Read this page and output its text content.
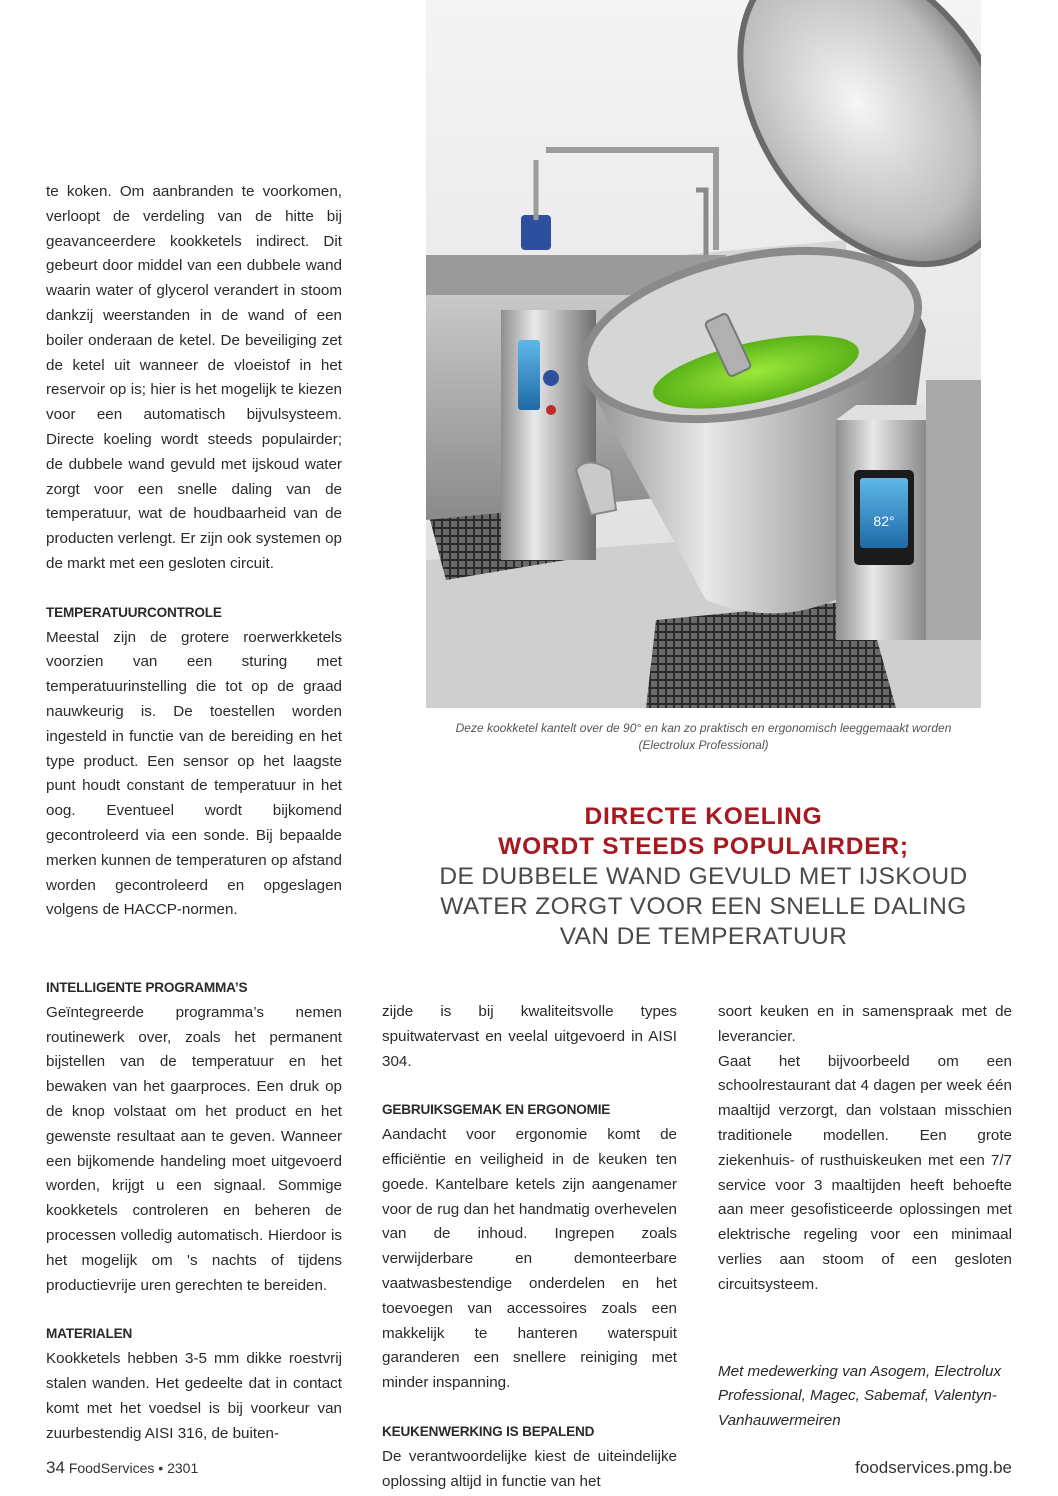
te koken. Om aanbranden te voorkomen, verloopt de verdeling van de hitte bij geavanceerdere kookketels indirect. Dit gebeurt door middel van een dubbele wand waarin water of glycerol verandert in stoom dankzij weerstanden in de wand of een boiler onderaan de ketel. De beveiliging zet de ketel uit wanneer de vloeistof in het reservoir op is; hier is het mogelijk te kiezen voor een automatisch bijvulsysteem. Directe koeling wordt steeds populairder; de dubbele wand gevuld met ijskoud water zorgt voor een snelle daling van de temperatuur, wat de houdbaarheid van de producten verlengt. Er zijn ook systemen op de markt met een gesloten circuit.

TEMPERATUURCONTROLE

Meestal zijn de grotere roerwerkketels voorzien van een sturing met temperatuurinstelling die tot op de graad nauwkeurig is. De toestellen worden ingesteld in functie van de bereiding en het type product. Een sensor op het laagste punt houdt constant de temperatuur in het oog. Eventueel wordt bijkomend gecontroleerd via een sonde. Bij bepaalde merken kunnen de temperaturen op afstand worden gecontroleerd en opgeslagen volgens de HACCP-normen.

INTELLIGENTE PROGRAMMA’S

Geïntegreerde programma’s nemen routinewerk over, zoals het permanent bijstellen van de temperatuur en het bewaken van het gaarproces. Een druk op de knop volstaat om het product en het gewenste resultaat aan te geven. Wanneer een bijkomende handeling moet uitgevoerd worden, krijgt u een signaal. Sommige kookketels controleren en beheren de processen volledig automatisch. Hierdoor is het mogelijk om 's nachts of tijdens productievrije uren gerechten te bereiden.

MATERIALEN

Kookketels hebben 3-5 mm dikke roestvrij stalen wanden. Het gedeelte dat in contact komt met het voedsel is bij voorkeur van zuurbestendig AISI 316, de buiten-

zijde is bij kwaliteitsvolle types spuitwatervast en veelal uitgevoerd in AISI 304.

GEBRUIKSGEMAK EN ERGONOMIE

Aandacht voor ergonomie komt de efficiëntie en veiligheid in de keuken ten goede. Kantelbare ketels zijn aangenamer voor de rug dan het handmatig overhevelen van de inhoud. Ingrepen zoals verwijderbare en demonteerbare vaatwasbestendige onderdelen en het toevoegen van accessoires zoals een makkelijk te hanteren waterspuit garanderen een snellere reiniging met minder inspanning.

KEUKENWERKING IS BEPALEND

De verantwoordelijke kiest de uiteindelijke oplossing altijd in functie van het

soort keuken en in samenspraak met de leverancier.

Gaat het bijvoorbeeld om een schoolrestaurant dat 4 dagen per week één maaltijd verzorgt, dan volstaan misschien traditionele modellen. Een grote ziekenhuis- of rusthuiskeuken met een 7/7 service voor 3 maaltijden heeft behoefte aan meer gesofisticeerde oplossingen met elektrische regeling voor een minimaal verlies aan stoom of een gesloten circuitsysteem.

Met medewerking van Asogem, Electrolux Professional, Magec, Sabemaf, Valentyn-Vanhauwermeiren

82°
Deze kookketel kantelt over de 90° en kan zo praktisch en ergonomisch leeggemaakt worden (Electrolux Professional)
DIRECTE KOELING
WORDT STEEDS POPULAIRDER;
DE DUBBELE WAND GEVULD MET IJSKOUD
WATER ZORGT VOOR EEN SNELLE DALING
VAN DE TEMPERATUUR
34 FoodServices • 2301	foodservices.pmg.be
